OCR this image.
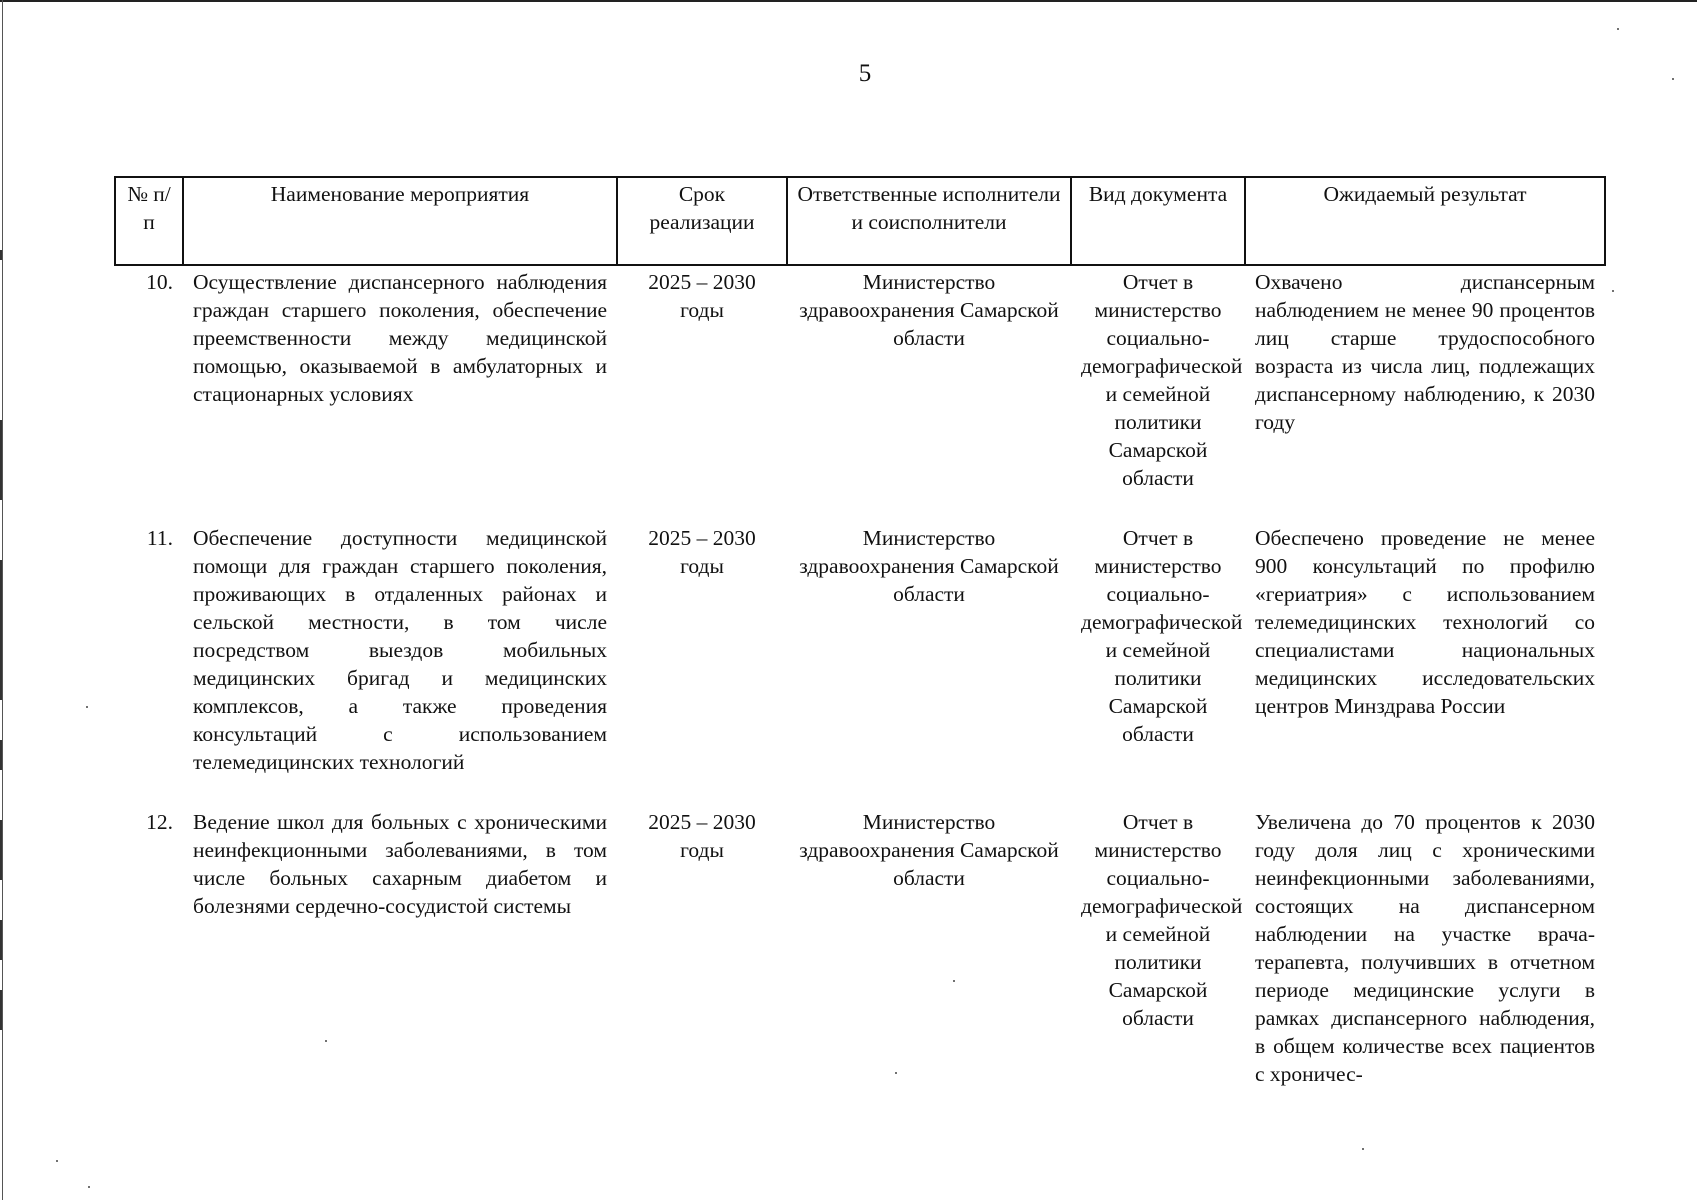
5
№ п/п	Наименование мероприятия	Срок реализации	Ответственные исполнители и соисполнители	Вид документа	Ожидаемый результат
10.	Осуществление диспансерного наблюдения граждан старшего поколения, обеспечение преемственности между медицинской помощью, оказываемой в амбулаторных и стационарных условиях	2025 – 2030 годы	Министерство здравоохранения Самарской области	Отчет в министерство социально-демографической и семейной политики Самарской области	Охвачено диспансерным наблюдением не менее 90 процентов лиц старше трудоспособного возраста из числа лиц, подлежащих диспансерному наблюдению, к 2030 году
11.	Обеспечение доступности медицинской помощи для граждан старшего поколения, проживающих в отдаленных районах и сельской местности, в том числе посредством выездов мобильных медицинских бригад и медицинских комплексов, а также проведения консультаций с использованием телемедицинских технологий	2025 – 2030 годы	Министерство здравоохранения Самарской области	Отчет в министерство социально-демографической и семейной политики Самарской области	Обеспечено проведение не менее 900 консультаций по профилю «гериатрия» с использованием телемедицинских технологий со специалистами национальных медицинских исследовательских центров Минздрава России
12.	Ведение школ для больных с хроническими неинфекционными заболеваниями, в том числе больных сахарным диабетом и болезнями сердечно-сосудистой системы	2025 – 2030 годы	Министерство здравоохранения Самарской области	Отчет в министерство социально-демографической и семейной политики Самарской области	Увеличена до 70 процентов к 2030 году доля лиц с хроническими неинфекционными заболеваниями, состоящих на диспансерном наблюдении на участке врача-терапевта, получивших в отчетном периоде медицинские услуги в рамках диспансерного наблюдения, в общем количестве всех пациентов с хроничес-
